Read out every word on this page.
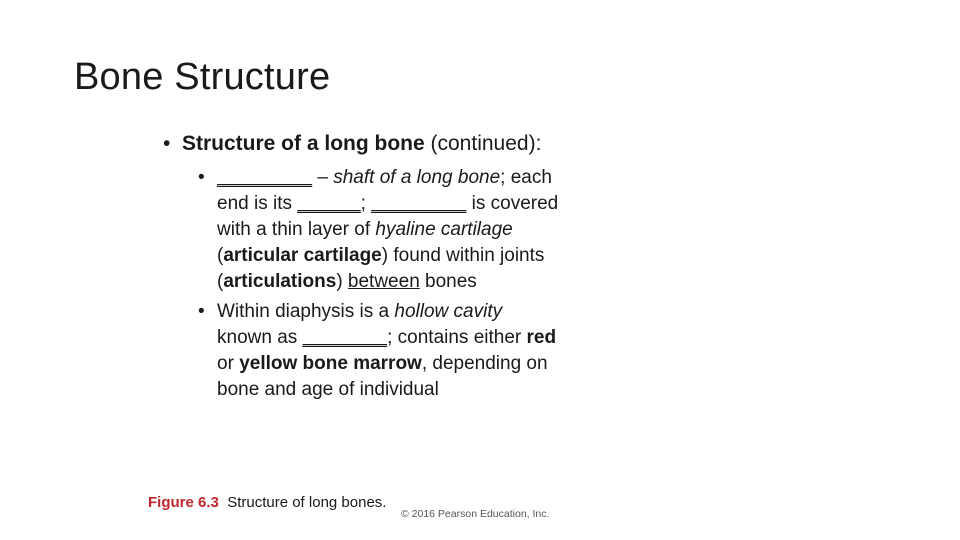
Bone Structure
• Structure of a long bone (continued):
• _________ – shaft of a long bone; each
end is its ______; _________ is covered
with a thin layer of hyaline cartilage
(articular cartilage) found within joints
(articulations) between bones
• Within diaphysis is a hollow cavity
known as ________; contains either red
or yellow bone marrow, depending on
bone and age of individual
Figure 6.3  Structure of long bones.
© 2016 Pearson Education, Inc.
